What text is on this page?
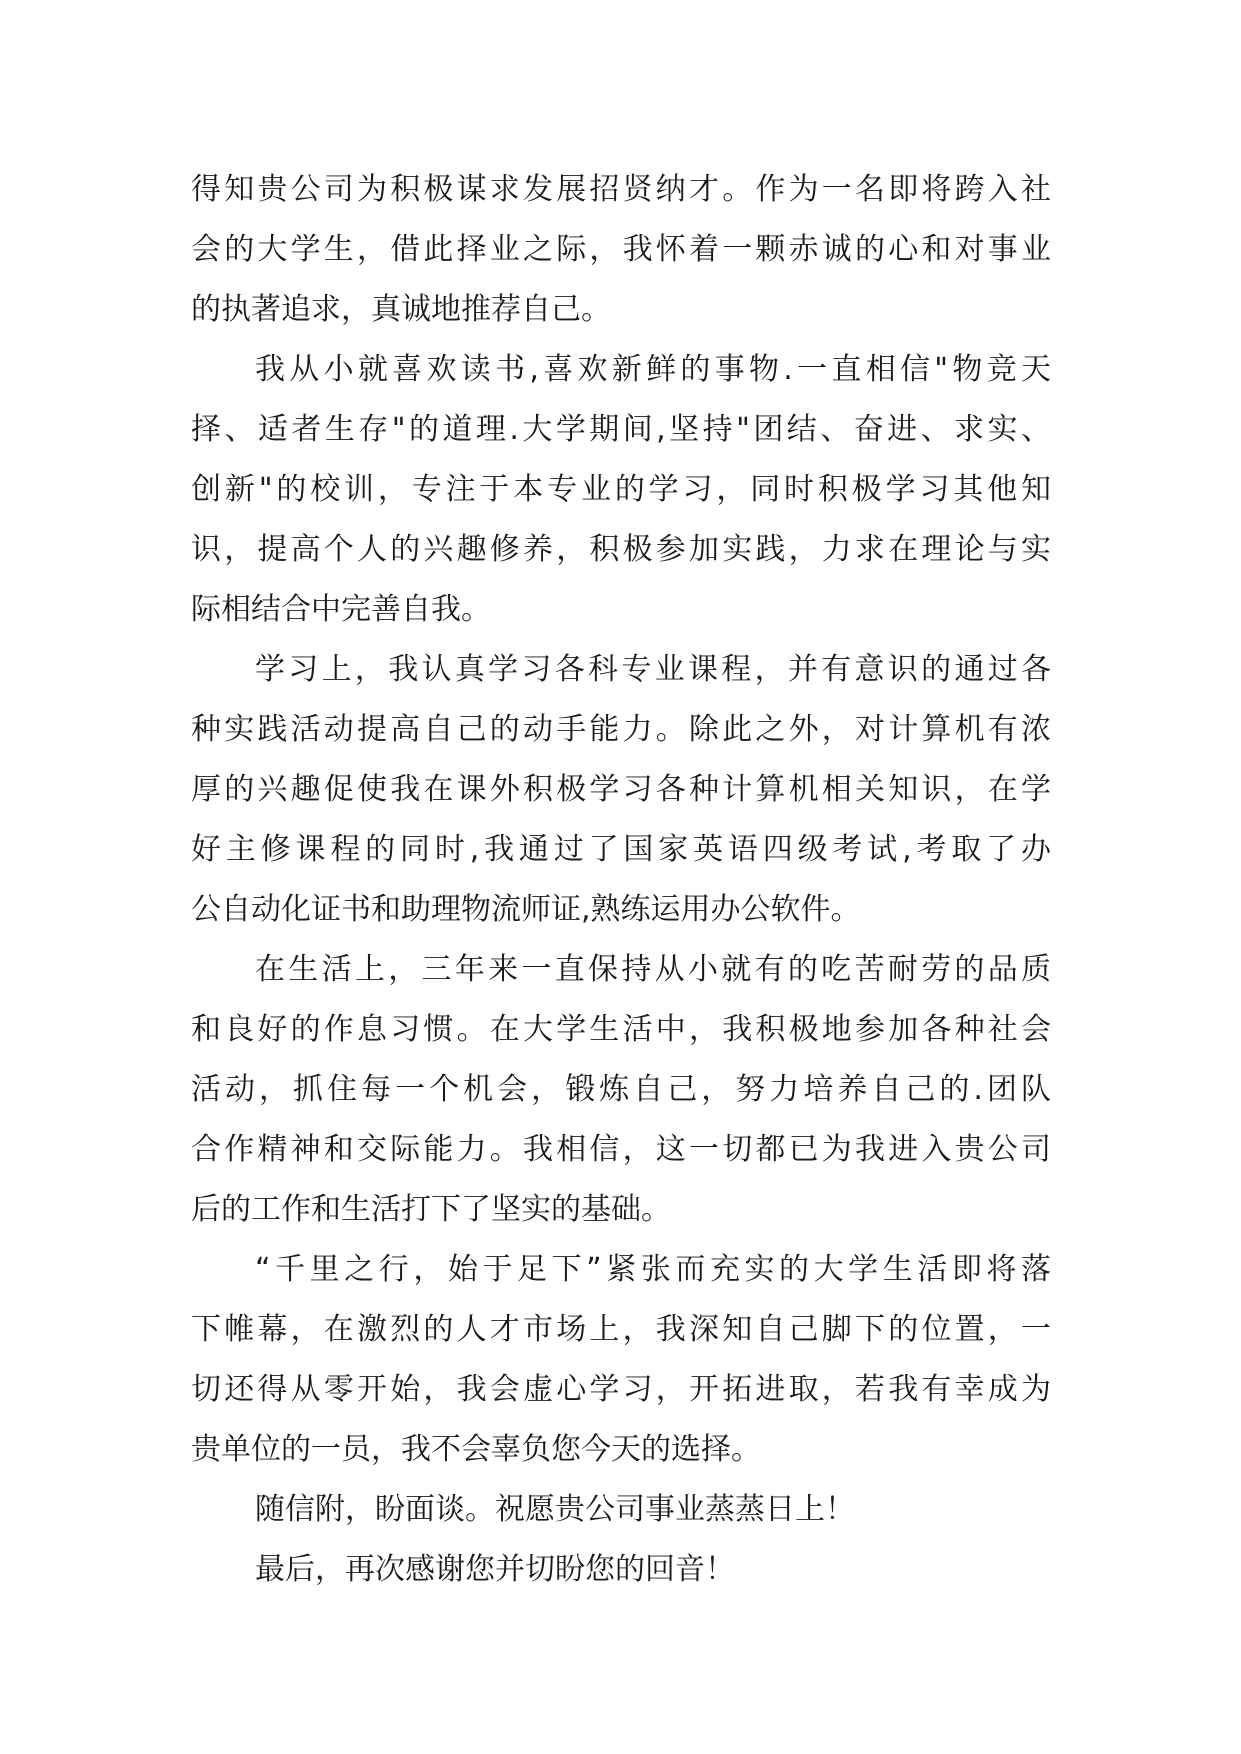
得知贵公司为积极谋求发展招贤纳才。作为一名即将跨入社
会的大学生，借此择业之际，我怀着一颗赤诚的心和对事业
的执著追求，真诚地推荐自己。
我从小就喜欢读书,喜欢新鲜的事物.一直相信"物竞天
择、适者生存"的道理.大学期间,坚持"团结、奋进、求实、
创新"的校训，专注于本专业的学习，同时积极学习其他知
识，提高个人的兴趣修养，积极参加实践，力求在理论与实
际相结合中完善自我。
学习上，我认真学习各科专业课程，并有意识的通过各
种实践活动提高自己的动手能力。除此之外，对计算机有浓
厚的兴趣促使我在课外积极学习各种计算机相关知识，在学
好主修课程的同时,我通过了国家英语四级考试,考取了办
公自动化证书和助理物流师证,熟练运用办公软件。
在生活上，三年来一直保持从小就有的吃苦耐劳的品质
和良好的作息习惯。在大学生活中，我积极地参加各种社会
活动，抓住每一个机会，锻炼自己，努力培养自己的.团队
合作精神和交际能力。我相信，这一切都已为我进入贵公司
后的工作和生活打下了坚实的基础。
“千里之行，始于足下”紧张而充实的大学生活即将落
下帷幕，在激烈的人才市场上，我深知自己脚下的位置，一
切还得从零开始，我会虚心学习，开拓进取，若我有幸成为
贵单位的一员，我不会辜负您今天的选择。
随信附，盼面谈。祝愿贵公司事业蒸蒸日上！
最后，再次感谢您并切盼您的回音！
